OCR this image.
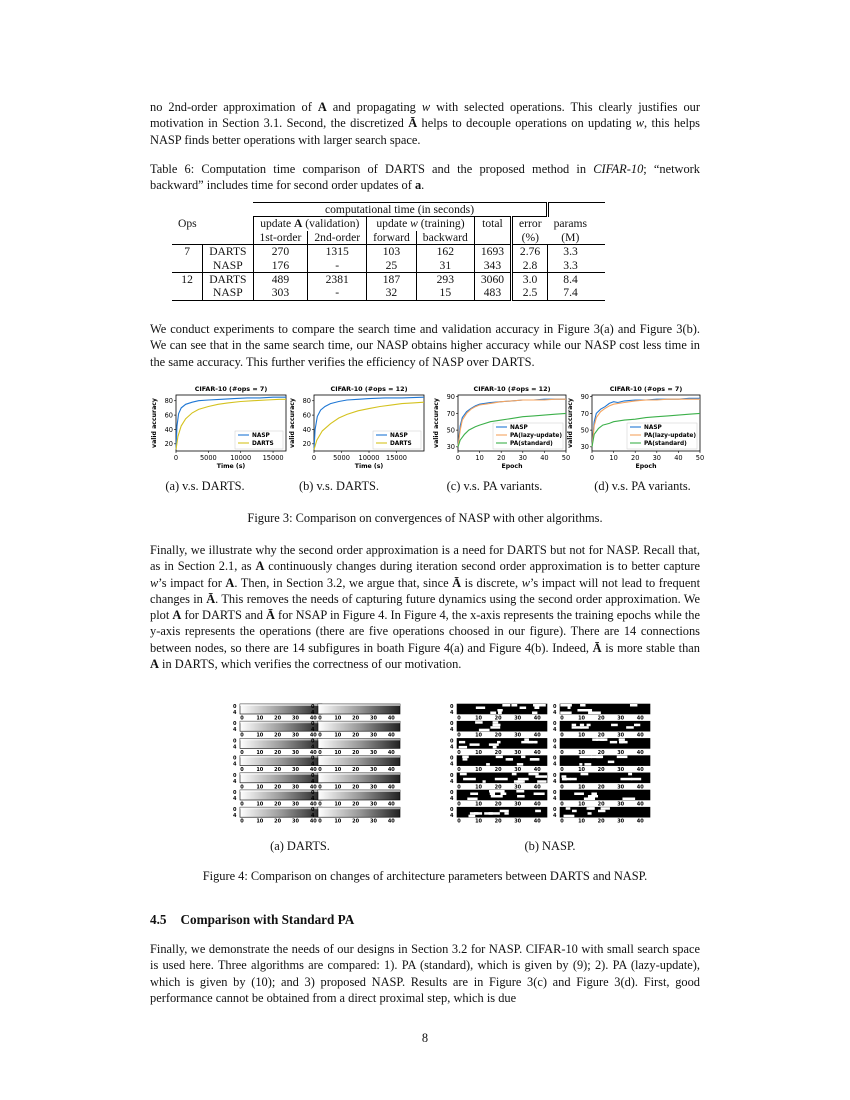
no 2nd-order approximation of A and propagating w with selected operations. This clearly justifies our motivation in Section 3.1. Second, the discretized Ā helps to decouple operations on updating w, this helps NASP finds better operations with larger search space.

Table 6: Computation time comparison of DARTS and the proposed method in CIFAR-10; “network backward” includes time for second order updates of a.

		computational time (in seconds)							
Ops		update A (validation)		update w (training)		total	error	params	
		1st-order	2nd-order	forward	backward		(%)	(M)	
7	DARTS	270	1315	103	162	1693	2.76	3.3	
	NASP	176	-	25	31	343	2.8	3.3	
12	DARTS	489	2381	187	293	3060	3.0	8.4	
	NASP	303	-	32	15	483	2.5	7.4	

We conduct experiments to compare the search time and validation accuracy in Figure 3(a) and Figure 3(b). We can see that in the same search time, our NASP obtains higher accuracy while our NASP cost less time in the same accuracy. This further verifies the efficiency of NASP over DARTS.

CIFAR-10 (#ops = 7)
0	5000 10000 15000
20
40
60
80
Time (s)
valid accuracy	NASP
DARTS
CIFAR-10 (#ops = 12)
0	5000 10000 15000
20
40
60
80
Time (s)
valid accuracy	NASP
DARTS
CIFAR-10 (#ops = 12)
0 10 20 30 40 50
30
50
70
90
Epoch
valid accuracy	NASP
PA(lazy-update)
PA(standard)
CIFAR-10 (#ops = 7)
0 10 20 30 40 50
30
50
70
90
Epoch
valid accuracy	NASP
PA(lazy-update)
PA(standard)
(a) v.s. DARTS.	(b) v.s. DARTS.	(c) v.s. PA variants.	(d) v.s. PA variants.
Figure 3: Comparison on convergences of NASP with other algorithms.

Finally, we illustrate why the second order approximation is a need for DARTS but not for NASP. Recall that, as in Section 2.1, as A continuously changes during iteration second order approximation is to better capture w’s impact for A. Then, in Section 3.2, we argue that, since Ā is discrete, w’s impact will not lead to frequent changes in Ā. This removes the needs of capturing future dynamics using the second order approximation. We plot A for DARTS and Ā for NSAP in Figure 4. In Figure 4, the x-axis represents the training epochs while the y-axis represents the operations (there are five operations choosed in our figure). There are 14 connections between nodes, so there are 14 subfigures in boath Figure 4(a) and Figure 4(b). Indeed, Ā is more stable than A in DARTS, which verifies the correctness of our motivation.

0
4
0	10 20 30 40
0
4
0	10 20 30 40
0
4
0	10 20 30 40
0
4
0	10 20 30 40
0
4
0	10 20 30 40
0
4
0	10 20 30 40
0
4
0	10 20 30 40
0
4
0	10 20 30 40
0
4
0	10 20 30 40
0
4
0	10 20 30 40
0
4
0	10 20 30 40
0
4
0	10 20 30 40
0
4
0	10 20 30 40
0
4
0	10 20 30 40
0
4
0	10	20	30	40
0
4
0	10	20	30	40
0
4
0	10	20	30	40
0
4
0	10	20	30	40
0
4
0	10	20	30	40
0
4
0	10	20	30	40
0
4
0	10	20	30	40
0
4
0	10	20	30	40
0
4
0	10	20	30	40
0
4
0	10	20	30	40
0
4
0	10	20	30	40
0
4
0	10	20	30	40
0
4
0	10	20	30	40
0
4
0	10	20	30	40
(a) DARTS.	(b) NASP.
Figure 4: Comparison on changes of architecture parameters between DARTS and NASP.
4.5 Comparison with Standard PA

Finally, we demonstrate the needs of our designs in Section 3.2 for NASP. CIFAR-10 with small search space is used here. Three algorithms are compared: 1). PA (standard), which is given by (9); 2). PA (lazy-update), which is given by (10); and 3) proposed NASP. Results are in Figure 3(c) and Figure 3(d). First, good performance cannot be obtained from a direct proximal step, which is due

8
